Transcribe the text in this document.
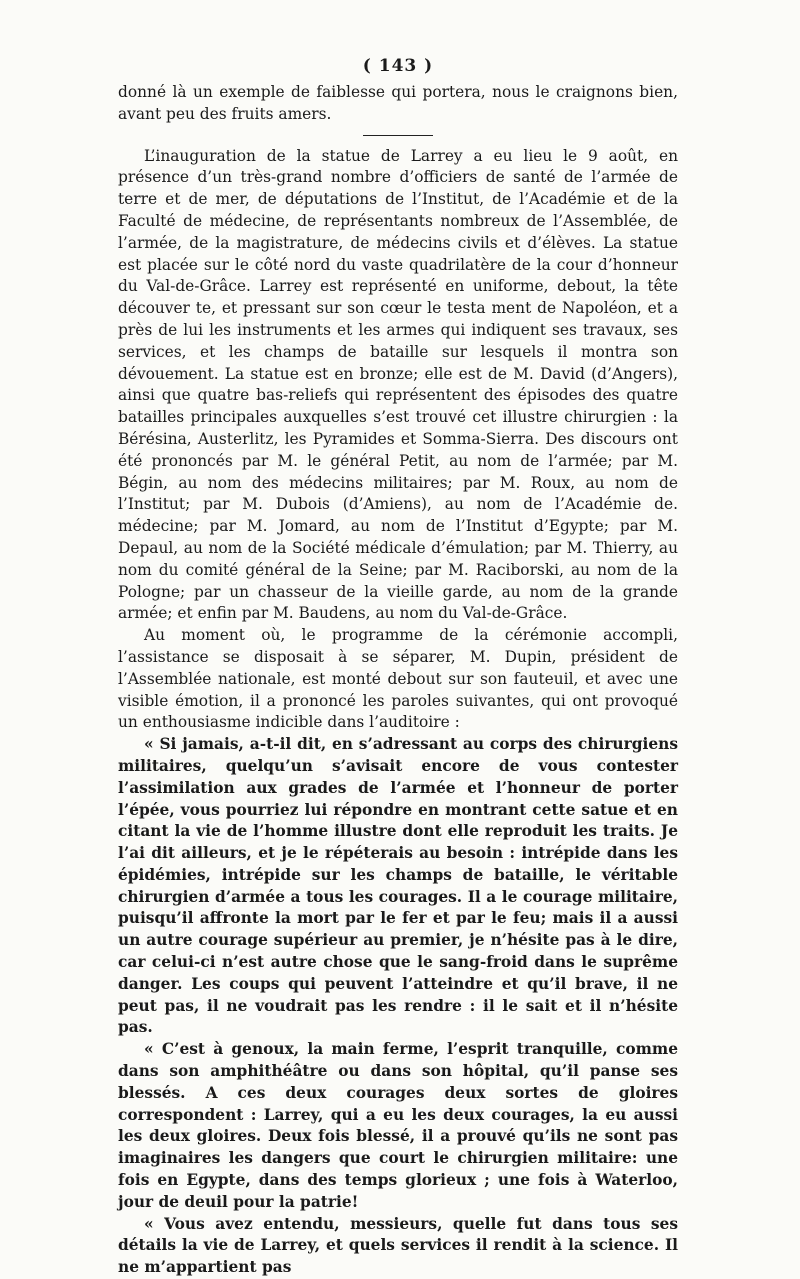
( 143 )

donné là un exemple de faiblesse qui portera, nous le craignons bien, avant peu des fruits amers.

L’inauguration de la statue de Larrey a eu lieu le 9 août, en présence d’un très-grand nombre d’officiers de santé de l’armée de terre et de mer, de députations de l’Institut, de l’Académie et de la Faculté de médecine, de représentants nombreux de l’Assemblée, de l’armée, de la magistrature, de médecins civils et d’élèves. La statue est placée sur le côté nord du vaste quadrilatère de la cour d’honneur du Val-de-Grâce. Larrey est représenté en uniforme, debout, la tête découver te, et pressant sur son cœur le testa ment de Napoléon, et a près de lui les instruments et les armes qui indiquent ses travaux, ses services, et les champs de bataille sur lesquels il montra son dévouement. La statue est en bronze; elle est de M. David (d’Angers), ainsi que quatre bas-reliefs qui représentent des épisodes des quatre batailles principales auxquelles s’est trouvé cet illustre chirurgien : la Bérésina, Austerlitz, les Pyramides et Somma-Sierra. Des discours ont été prononcés par M. le général Petit, au nom de l’armée; par M. Bégin, au nom des médecins militaires; par M. Roux, au nom de l’Institut; par M. Dubois (d’Amiens), au nom de l’Académie de. médecine; par M. Jomard, au nom de l’Institut d’Egypte; par M. Depaul, au nom de la Société médicale d’émulation; par M. Thierry, au nom du comité général de la Seine; par M. Raciborski, au nom de la Pologne; par un chasseur de la vieille garde, au nom de la grande armée; et enfin par M. Baudens, au nom du Val-de-Grâce.

Au moment où, le programme de la cérémonie accompli, l’assistance se disposait à se séparer, M. Dupin, président de l’Assemblée nationale, est monté debout sur son fauteuil, et avec une visible émotion, il a prononcé les paroles suivantes, qui ont provoqué un enthousiasme indicible dans l’auditoire :

« Si jamais, a-t-il dit, en s’adressant au corps des chirurgiens militaires, quelqu’un s’avisait encore de vous contester l’assimilation aux grades de l’armée et l’honneur de porter l’épée, vous pourriez lui répondre en montrant cette satue et en citant la vie de l’homme illustre dont elle reproduit les traits. Je l’ai dit ailleurs, et je le répéterais au besoin : intrépide dans les épidémies, intrépide sur les champs de bataille, le véritable chirurgien d’armée a tous les courages. Il a le courage militaire, puisqu’il affronte la mort par le fer et par le feu; mais il a aussi un autre courage supérieur au premier, je n’hésite pas à le dire, car celui-ci n’est autre chose que le sang-froid dans le suprême danger. Les coups qui peuvent l’atteindre et qu’il brave, il ne peut pas, il ne voudrait pas les rendre : il le sait et il n’hésite pas.

« C’est à genoux, la main ferme, l’esprit tranquille, comme dans son amphithéâtre ou dans son hôpital, qu’il panse ses blessés. A ces deux courages deux sortes de gloires correspondent : Larrey, qui a eu les deux courages, la eu aussi les deux gloires. Deux fois blessé, il a prouvé qu’ils ne sont pas imaginaires les dangers que court le chirurgien militaire: une fois en Egypte, dans des temps glorieux ; une fois à Waterloo, jour de deuil pour la patrie!

« Vous avez entendu, messieurs, quelle fut dans tous ses détails la vie de Larrey, et quels services il rendit à la science. Il ne m’appartient pas
